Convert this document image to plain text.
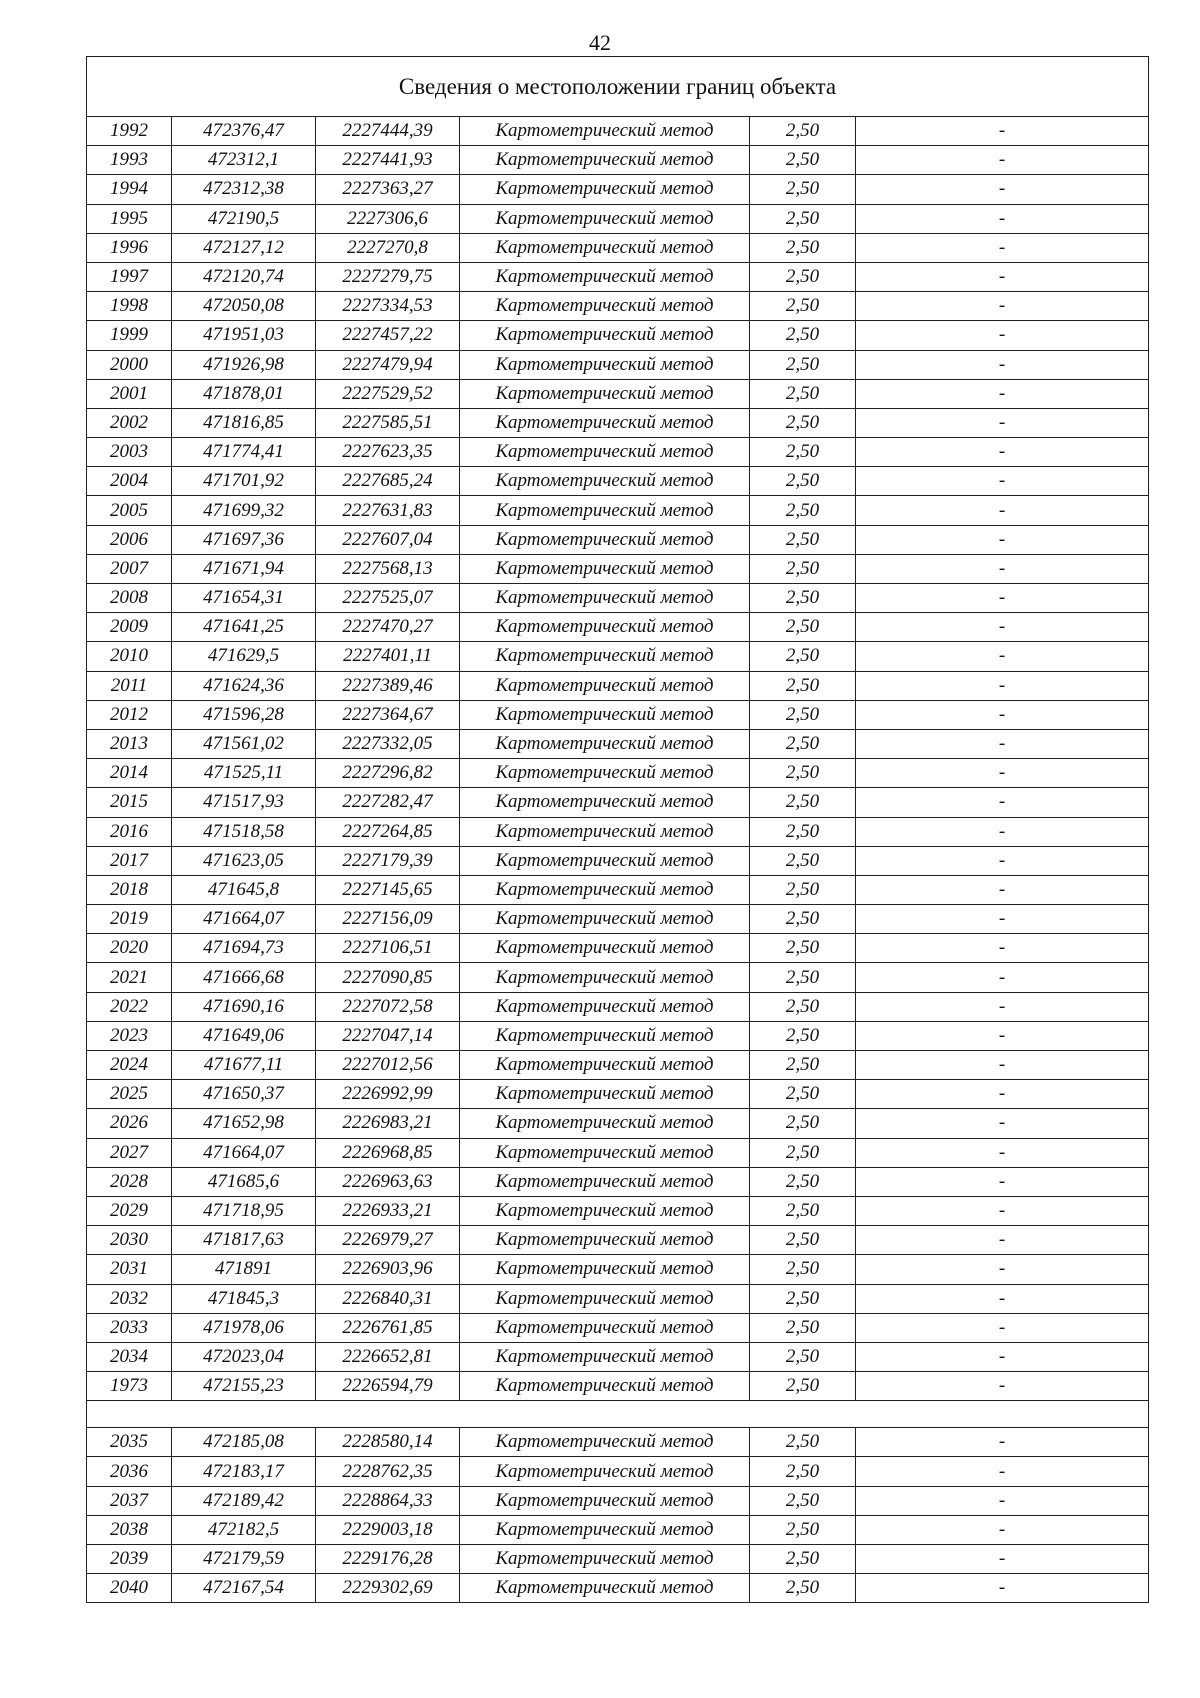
42
Сведения о местоположении границ объекта					
1992	472376,47	2227444,39	Картометрический метод	2,50	-
1993	472312,1	2227441,93	Картометрический метод	2,50	-
1994	472312,38	2227363,27	Картометрический метод	2,50	-
1995	472190,5	2227306,6	Картометрический метод	2,50	-
1996	472127,12	2227270,8	Картометрический метод	2,50	-
1997	472120,74	2227279,75	Картометрический метод	2,50	-
1998	472050,08	2227334,53	Картометрический метод	2,50	-
1999	471951,03	2227457,22	Картометрический метод	2,50	-
2000	471926,98	2227479,94	Картометрический метод	2,50	-
2001	471878,01	2227529,52	Картометрический метод	2,50	-
2002	471816,85	2227585,51	Картометрический метод	2,50	-
2003	471774,41	2227623,35	Картометрический метод	2,50	-
2004	471701,92	2227685,24	Картометрический метод	2,50	-
2005	471699,32	2227631,83	Картометрический метод	2,50	-
2006	471697,36	2227607,04	Картометрический метод	2,50	-
2007	471671,94	2227568,13	Картометрический метод	2,50	-
2008	471654,31	2227525,07	Картометрический метод	2,50	-
2009	471641,25	2227470,27	Картометрический метод	2,50	-
2010	471629,5	2227401,11	Картометрический метод	2,50	-
2011	471624,36	2227389,46	Картометрический метод	2,50	-
2012	471596,28	2227364,67	Картометрический метод	2,50	-
2013	471561,02	2227332,05	Картометрический метод	2,50	-
2014	471525,11	2227296,82	Картометрический метод	2,50	-
2015	471517,93	2227282,47	Картометрический метод	2,50	-
2016	471518,58	2227264,85	Картометрический метод	2,50	-
2017	471623,05	2227179,39	Картометрический метод	2,50	-
2018	471645,8	2227145,65	Картометрический метод	2,50	-
2019	471664,07	2227156,09	Картометрический метод	2,50	-
2020	471694,73	2227106,51	Картометрический метод	2,50	-
2021	471666,68	2227090,85	Картометрический метод	2,50	-
2022	471690,16	2227072,58	Картометрический метод	2,50	-
2023	471649,06	2227047,14	Картометрический метод	2,50	-
2024	471677,11	2227012,56	Картометрический метод	2,50	-
2025	471650,37	2226992,99	Картометрический метод	2,50	-
2026	471652,98	2226983,21	Картометрический метод	2,50	-
2027	471664,07	2226968,85	Картометрический метод	2,50	-
2028	471685,6	2226963,63	Картометрический метод	2,50	-
2029	471718,95	2226933,21	Картометрический метод	2,50	-
2030	471817,63	2226979,27	Картометрический метод	2,50	-
2031	471891	2226903,96	Картометрический метод	2,50	-
2032	471845,3	2226840,31	Картометрический метод	2,50	-
2033	471978,06	2226761,85	Картометрический метод	2,50	-
2034	472023,04	2226652,81	Картометрический метод	2,50	-
1973	472155,23	2226594,79	Картометрический метод	2,50	-

2035	472185,08	2228580,14	Картометрический метод	2,50	-
2036	472183,17	2228762,35	Картометрический метод	2,50	-
2037	472189,42	2228864,33	Картометрический метод	2,50	-
2038	472182,5	2229003,18	Картометрический метод	2,50	-
2039	472179,59	2229176,28	Картометрический метод	2,50	-
2040	472167,54	2229302,69	Картометрический метод	2,50	-
